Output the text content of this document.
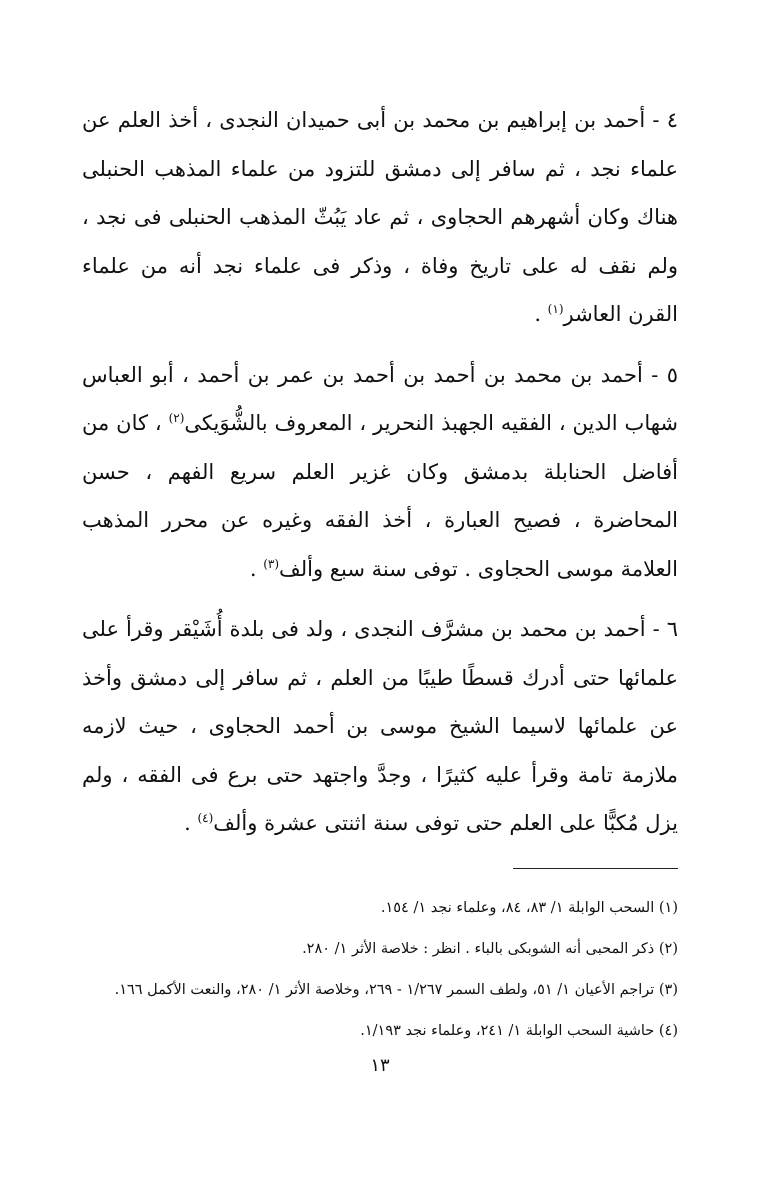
٤ - أحمد بن إبراهيم بن محمد بن أبى حميدان النجدى ، أخذ العلم عن علماء نجد ، ثم سافر إلى دمشق للتزود من علماء المذهب الحنبلى هناك وكان أشهرهم الحجاوى ، ثم عاد يَبُثّ المذهب الحنبلى فى نجد ، ولم نقف له على تاريخ وفاة ، وذكر فى علماء نجد أنه من علماء القرن العاشر$^{(١)}$ .

٥ - أحمد بن محمد بن أحمد بن أحمد بن عمر بن أحمد ، أبو العباس شهاب الدين ، الفقيه الجهبذ النحرير ، المعروف بالشُّوَيكى$^{(٢)}$ ، كان من أفاضل الحنابلة بدمشق وكان غزير العلم سريع الفهم ، حسن المحاضرة ، فصيح العبارة ، أخذ الفقه وغيره عن محرر المذهب العلامة موسى الحجاوى . توفى سنة سبع وألف$^{(٣)}$ .

٦ - أحمد بن محمد بن مشرَّف النجدى ، ولد فى بلدة أُشَيْقر وقرأ على علمائها حتى أدرك قسطًا طيبًا من العلم ، ثم سافر إلى دمشق وأخذ عن علمائها لاسيما الشيخ موسى بن أحمد الحجاوى ، حيث لازمه ملازمة تامة وقرأ عليه كثيرًا ، وجدَّ واجتهد حتى برع فى الفقه ، ولم يزل مُكبًّا على العلم حتى توفى سنة اثنتى عشرة وألف$^{(٤)}$ .

(١) السحب الوابلة ١/ ٨٣، ٨٤، وعلماء نجد ١/ ١٥٤.

(٢) ذكر المحبى أنه الشوبكى بالباء . انظر : خلاصة الأثر ١/ ٢٨٠.

(٣) تراجم الأعيان ١/ ٥١، ولطف السمر ١/٢٦٧ - ٢٦٩، وخلاصة الأثر ١/ ٢٨٠، والنعت الأكمل ١٦٦.

(٤) حاشية السحب الوابلة ١/ ٢٤١، وعلماء نجد ١/١٩٣.

١٣
